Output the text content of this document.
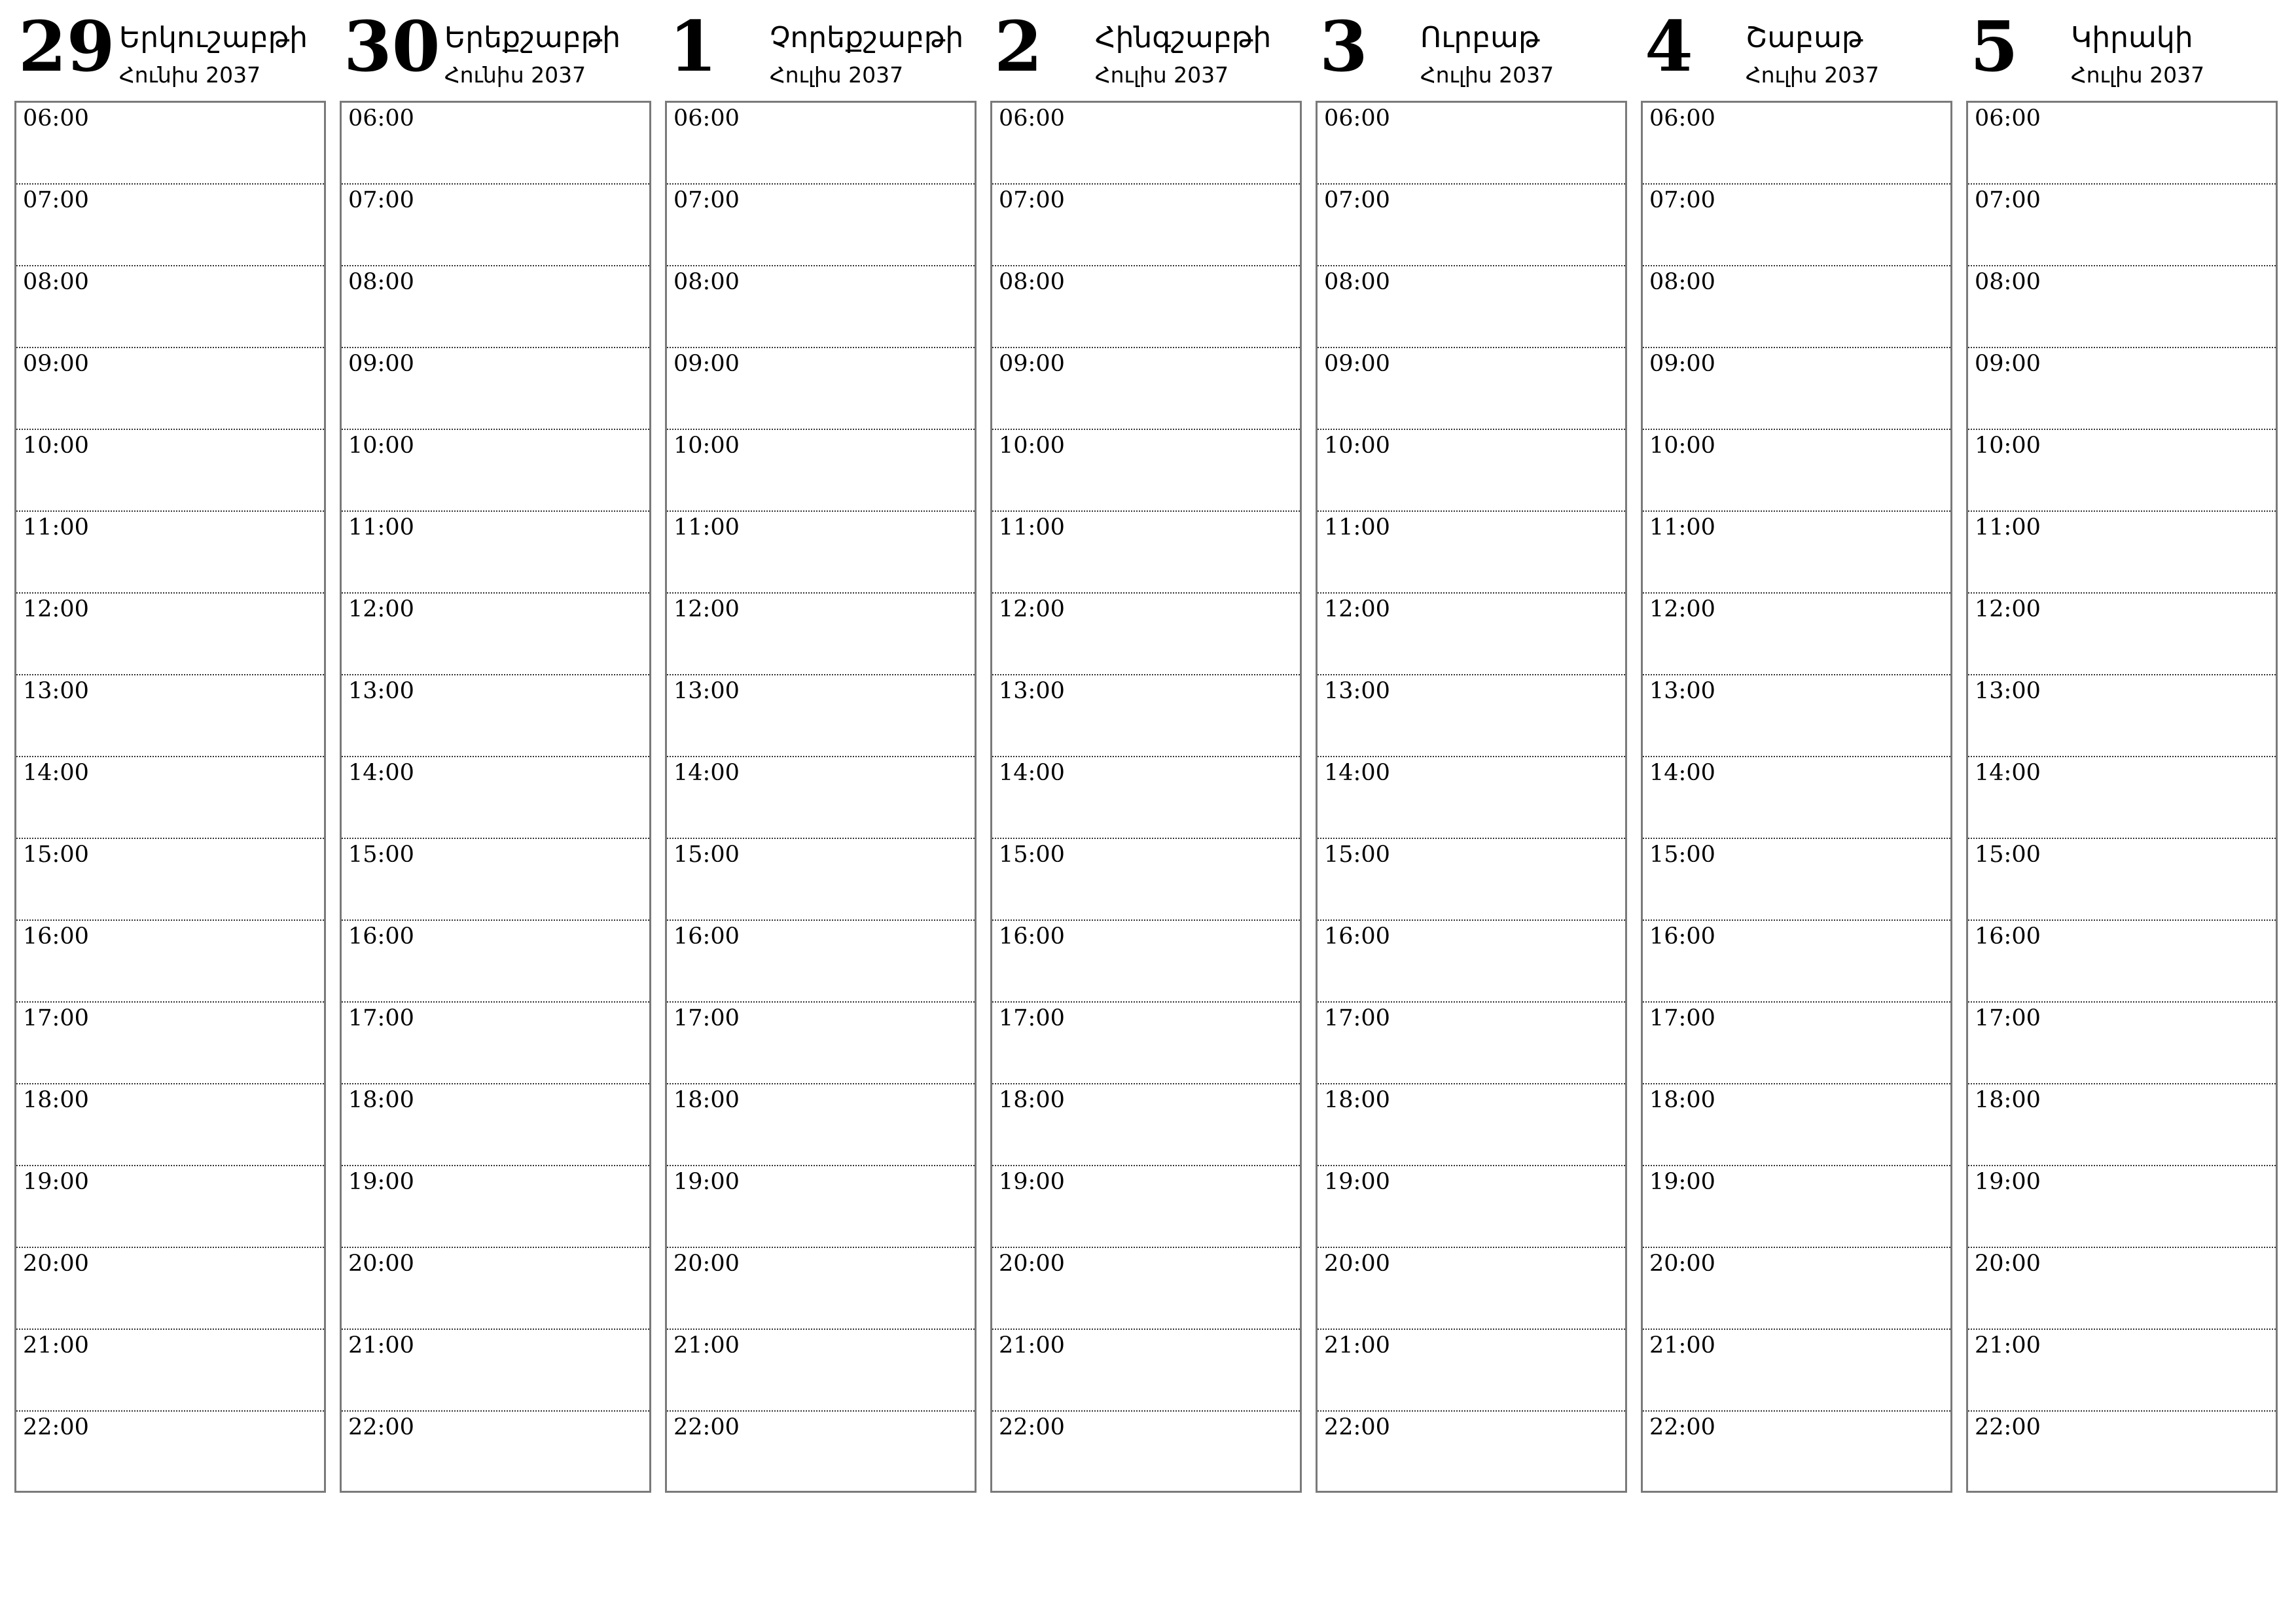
29 Երկուշաբթի
Հունիս 2037
06:00
07:00
08:00
09:00
10:00
11:00
12:00
13:00
14:00
15:00
16:00
17:00
18:00
19:00
20:00
21:00
22:00
30 Երեքշաբթի
Հունիս 2037
06:00
07:00
08:00
09:00
10:00
11:00
12:00
13:00
14:00
15:00
16:00
17:00
18:00
19:00
20:00
21:00
22:00
1 Չորեքշաբթի
Հուլիս 2037
06:00
07:00
08:00
09:00
10:00
11:00
12:00
13:00
14:00
15:00
16:00
17:00
18:00
19:00
20:00
21:00
22:00
2 Հինգշաբթի
Հուլիս 2037
06:00
07:00
08:00
09:00
10:00
11:00
12:00
13:00
14:00
15:00
16:00
17:00
18:00
19:00
20:00
21:00
22:00
3 Ուրբաթ
Հուլիս 2037
06:00
07:00
08:00
09:00
10:00
11:00
12:00
13:00
14:00
15:00
16:00
17:00
18:00
19:00
20:00
21:00
22:00
4 Շաբաթ
Հուլիս 2037
06:00
07:00
08:00
09:00
10:00
11:00
12:00
13:00
14:00
15:00
16:00
17:00
18:00
19:00
20:00
21:00
22:00
5 Կիրակի
Հուլիս 2037
06:00
07:00
08:00
09:00
10:00
11:00
12:00
13:00
14:00
15:00
16:00
17:00
18:00
19:00
20:00
21:00
22:00
